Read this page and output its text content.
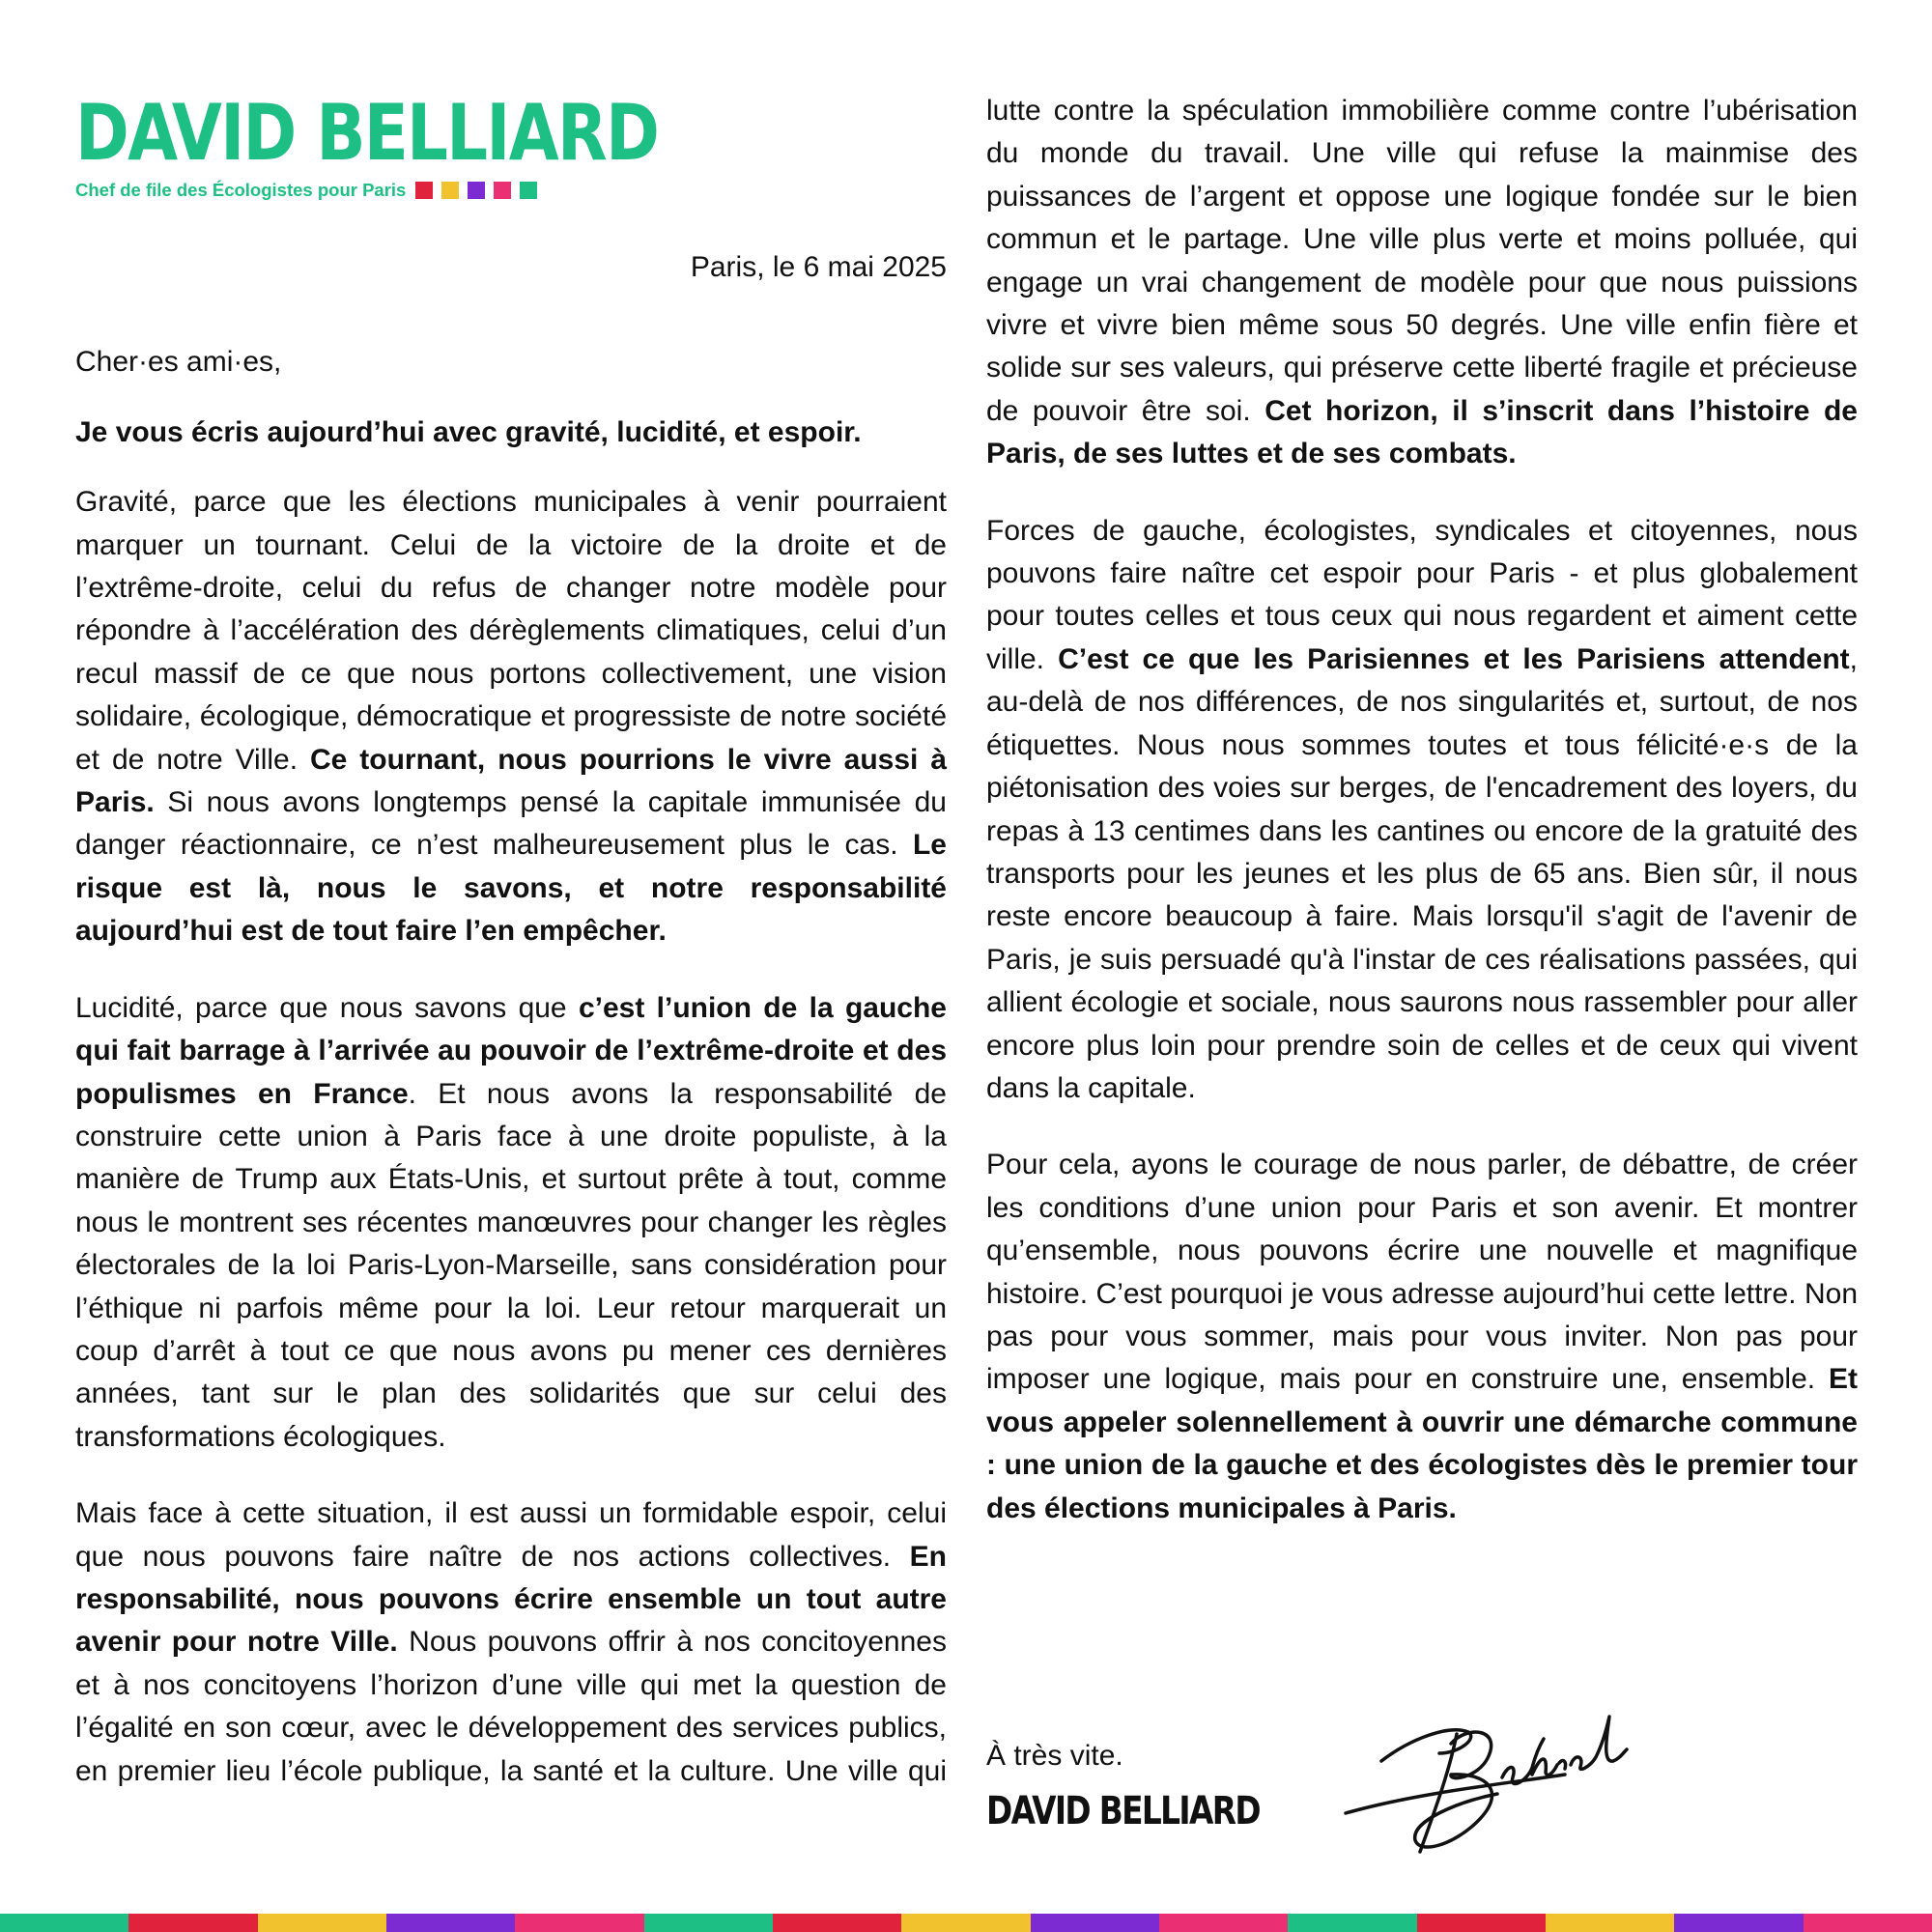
DAVID BELLIARD
Chef de file des Écologistes pour Paris

Paris, le 6 mai 2025

Cher·es ami·es,

Je vous écris aujourd’hui avec gravité, lucidité, et espoir.

Gravité, parce que les élections municipales à venir pourraient marquer un tournant. Celui de la victoire de la droite et de l’extrême-droite, celui du refus de changer notre modèle pour répondre à l’accélération des dérèglements climatiques, celui d’un recul massif de ce que nous portons collectivement, une vision solidaire, écologique, démocratique et progressiste de notre société et de notre Ville. Ce tournant, nous pourrions le vivre aussi à Paris. Si nous avons longtemps pensé la capitale immunisée du danger réactionnaire, ce n’est malheureusement plus le cas. Le risque est là, nous le savons, et notre responsabilité aujourd’hui est de tout faire l’en empêcher.

Lucidité, parce que nous savons que c’est l’union de la gauche qui fait barrage à l’arrivée au pouvoir de l’extrême-droite et des populismes en France. Et nous avons la responsabilité de construire cette union à Paris face à une droite populiste, à la manière de Trump aux États-Unis, et surtout prête à tout, comme nous le montrent ses récentes manœuvres pour changer les règles électorales de la loi Paris-Lyon-Marseille, sans considération pour l’éthique ni parfois même pour la loi. Leur retour marquerait un coup d’arrêt à tout ce que nous avons pu mener ces dernières années, tant sur le plan des solidarités que sur celui des transformations écologiques.

Mais face à cette situation, il est aussi un formidable espoir, celui que nous pouvons faire naître de nos actions collectives. En responsabilité, nous pouvons écrire ensemble un tout autre avenir pour notre Ville. Nous pouvons offrir à nos concitoyennes et à nos concitoyens l’horizon d’une ville qui met la question de l’égalité en son cœur, avec le développement des services publics, en premier lieu l’école publique, la santé et la culture. Une ville qui

lutte contre la spéculation immobilière comme contre l’ubérisation du monde du travail. Une ville qui refuse la mainmise des puissances de l’argent et oppose une logique fondée sur le bien commun et le partage. Une ville plus verte et moins polluée, qui engage un vrai changement de modèle pour que nous puissions vivre et vivre bien même sous 50 degrés. Une ville enfin fière et solide sur ses valeurs, qui préserve cette liberté fragile et précieuse de pouvoir être soi. Cet horizon, il s’inscrit dans l’histoire de Paris, de ses luttes et de ses combats.

Forces de gauche, écologistes, syndicales et citoyennes, nous pouvons faire naître cet espoir pour Paris - et plus globalement pour toutes celles et tous ceux qui nous regardent et aiment cette ville. C’est ce que les Parisiennes et les Parisiens attendent, au-delà de nos différences, de nos singularités et, surtout, de nos étiquettes. Nous nous sommes toutes et tous félicité·e·s de la piétonisation des voies sur berges, de l'encadrement des loyers, du repas à 13 centimes dans les cantines ou encore de la gratuité des transports pour les jeunes et les plus de 65 ans. Bien sûr, il nous reste encore beaucoup à faire. Mais lorsqu'il s'agit de l'avenir de Paris, je suis persuadé qu'à l'instar de ces réalisations passées, qui allient écologie et sociale, nous saurons nous rassembler pour aller encore plus loin pour prendre soin de celles et de ceux qui vivent dans la capitale.

Pour cela, ayons le courage de nous parler, de débattre, de créer les conditions d’une union pour Paris et son avenir. Et montrer qu’ensemble, nous pouvons écrire une nouvelle et magnifique histoire. C’est pourquoi je vous adresse aujourd’hui cette lettre. Non pas pour vous sommer, mais pour vous inviter. Non pas pour imposer une logique, mais pour en construire une, ensemble. Et vous appeler solennellement à ouvrir une démarche commune : une union de la gauche et des écologistes dès le premier tour des élections municipales à Paris.

À très vite.
DAVID BELLIARD
